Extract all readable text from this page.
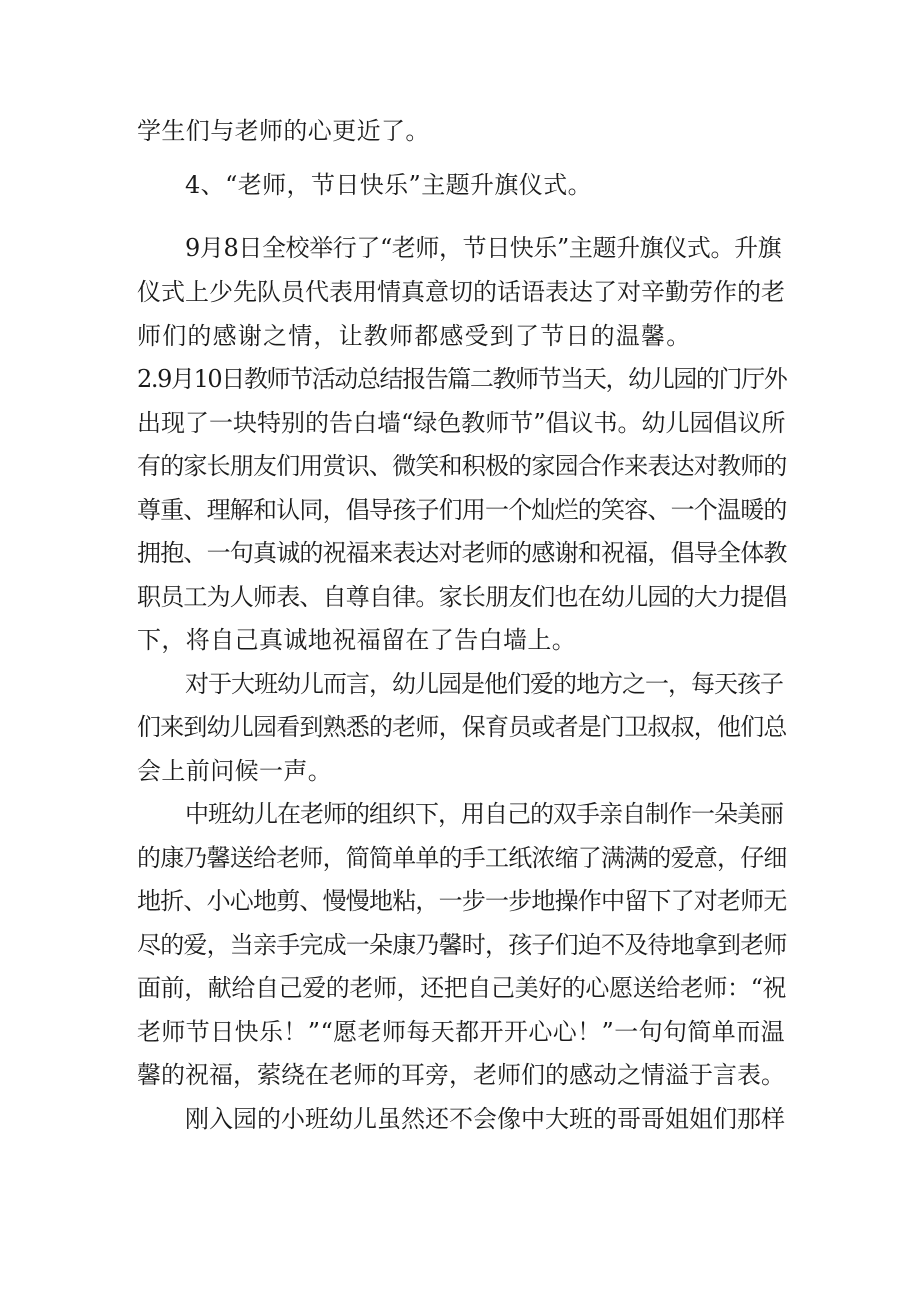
学生们与老师的心更近了。
4、“老师，节日快乐”主题升旗仪式。
9月8日全校举行了“老师，节日快乐”主题升旗仪式。升旗
仪式上少先队员代表用情真意切的话语表达了对辛勤劳作的老
师们的感谢之情，让教师都感受到了节日的温馨。
2.9月10日教师节活动总结报告篇二教师节当天，幼儿园的门厅外
出现了一块特别的告白墙“绿色教师节”倡议书。幼儿园倡议所
有的家长朋友们用赏识、微笑和积极的家园合作来表达对教师的
尊重、理解和认同，倡导孩子们用一个灿烂的笑容、一个温暖的
拥抱、一句真诚的祝福来表达对老师的感谢和祝福，倡导全体教
职员工为人师表、自尊自律。家长朋友们也在幼儿园的大力提倡
下，将自己真诚地祝福留在了告白墙上。
对于大班幼儿而言，幼儿园是他们爱的地方之一，每天孩子
们来到幼儿园看到熟悉的老师，保育员或者是门卫叔叔，他们总
会上前问候一声。
中班幼儿在老师的组织下，用自己的双手亲自制作一朵美丽
的康乃馨送给老师，简简单单的手工纸浓缩了满满的爱意，仔细
地折、小心地剪、慢慢地粘，一步一步地操作中留下了对老师无
尽的爱，当亲手完成一朵康乃馨时，孩子们迫不及待地拿到老师
面前，献给自己爱的老师，还把自己美好的心愿送给老师：“祝
老师节日快乐！”“愿老师每天都开开心心！”一句句简单而温
馨的祝福，萦绕在老师的耳旁，老师们的感动之情溢于言表。
刚入园的小班幼儿虽然还不会像中大班的哥哥姐姐们那样
